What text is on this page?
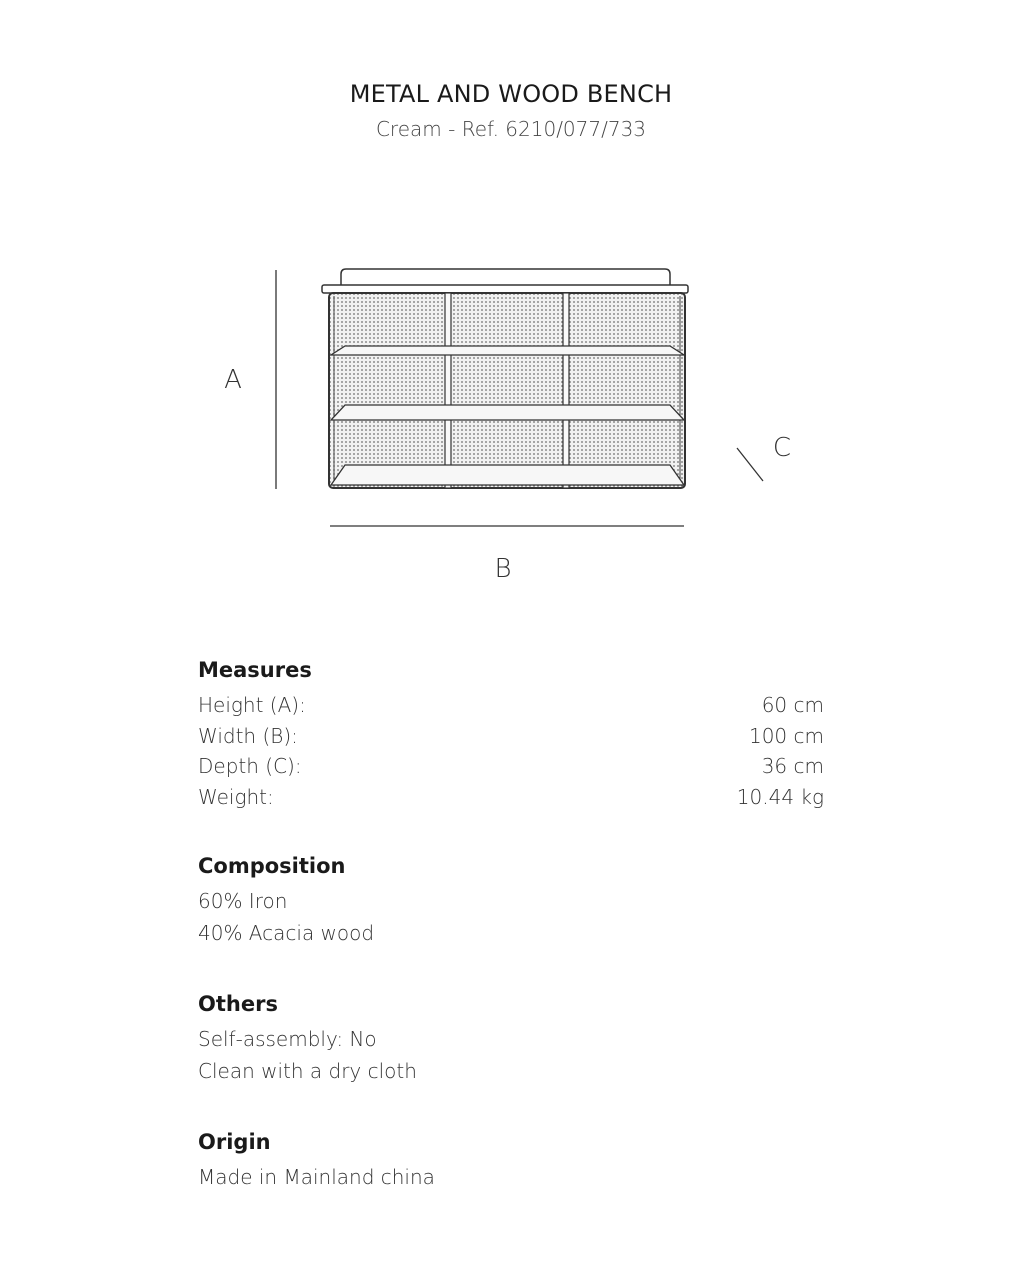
METAL AND WOOD BENCH
Cream - Ref. 6210/077/733
A
B
C
Measures
Height (A):	60 cm
Width (B):	100 cm
Depth (C):	36 cm
Weight:	10.44 kg
Composition
60% Iron
40% Acacia wood
Others
Self-assembly: No
Clean with a dry cloth
Origin
Made in Mainland china
